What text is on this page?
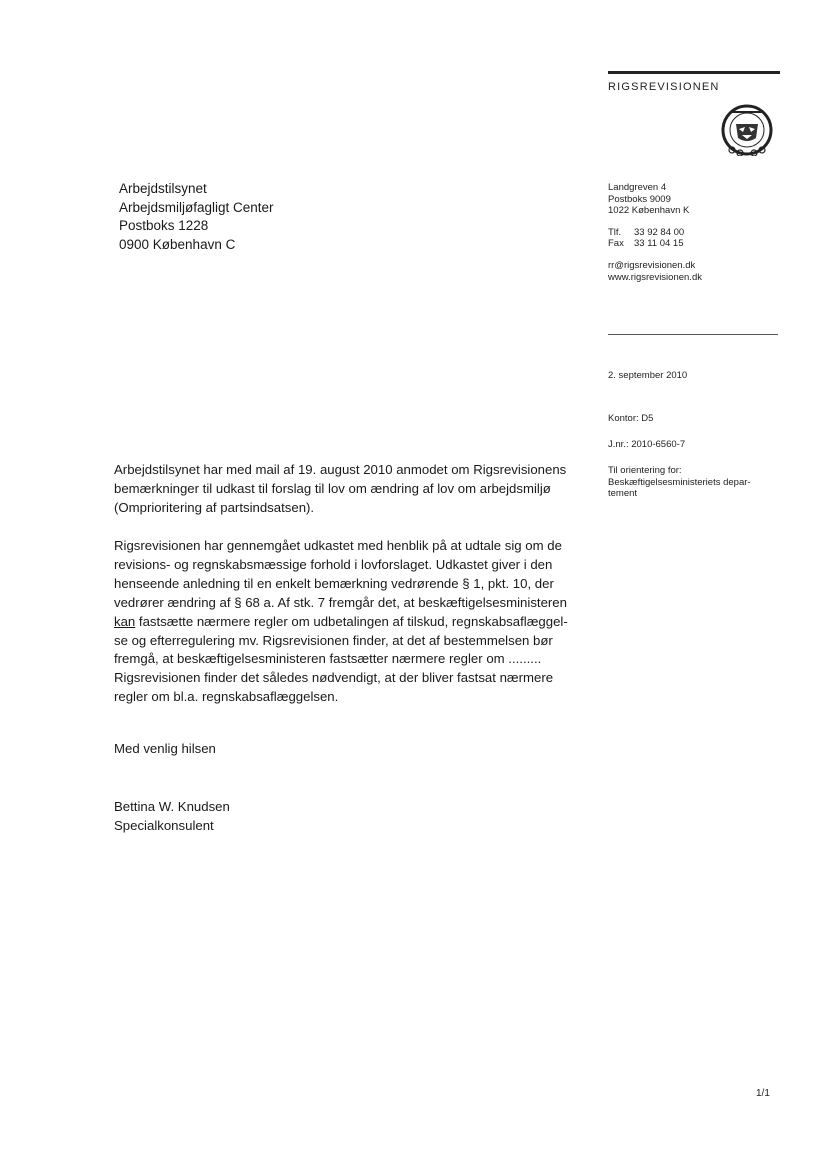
RIGSREVISIONEN
Arbejdstilsynet
Arbejdsmiljøfagligt Center
Postboks 1228
0900 København C
Landgreven 4
Postboks 9009
1022 København K
Tlf.	33 92 84 00
Fax	33 11 04 15
rr@rigsrevisionen.dk
www.rigsrevisionen.dk
2. september 2010
Kontor: D5
J.nr.: 2010-6560-7
Til orientering for:
Beskæftigelsesministeriets depar-
tement

Arbejdstilsynet har med mail af 19. august 2010 anmodet om Rigsrevisionens

bemærkninger til udkast til forslag til lov om ændring af lov om arbejdsmiljø

(Omprioritering af partsindsatsen).

Rigsrevisionen har gennemgået udkastet med henblik på at udtale sig om de

revisions- og regnskabsmæssige forhold i lovforslaget. Udkastet giver i den

henseende anledning til en enkelt bemærkning vedrørende § 1, pkt. 10, der

vedrører ændring af § 68 a. Af stk. 7 fremgår det, at beskæftigelsesministeren

kan fastsætte nærmere regler om udbetalingen af tilskud, regnskabsaflæggel-

se og efterregulering mv. Rigsrevisionen finder, at det af bestemmelsen bør

fremgå, at beskæftigelsesministeren fastsætter nærmere regler om .........

Rigsrevisionen finder det således nødvendigt, at der bliver fastsat nærmere

regler om bl.a. regnskabsaflæggelsen.

Med venlig hilsen
Bettina W. Knudsen
Specialkonsulent
1/1
